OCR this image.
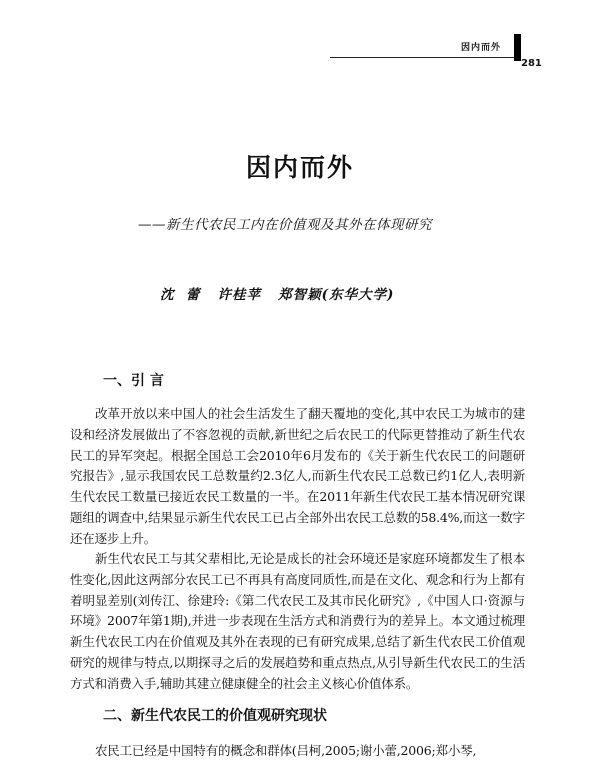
因内而外
281
因内而外
——新生代农民工内在价值观及其外在体现研究
沈  蕾   许桂苹   郑智颖(东华大学)
一、引 言

改革开放以来中国人的社会生活发生了翻天覆地的变化,其中农民工为城市的建设和经济发展做出了不容忽视的贡献,新世纪之后农民工的代际更替推动了新生代农民工的异军突起。根据全国总工会2010年6月发布的《关于新生代农民工的问题研究报告》,显示我国农民工总数量约2.3亿人,而新生代农民工总数已约1亿人,表明新生代农民工数量已接近农民工数量的一半。在2011年新生代农民工基本情况研究课题组的调查中,结果显示新生代农民工已占全部外出农民工总数的58.4%,而这一数字还在逐步上升。

新生代农民工与其父辈相比,无论是成长的社会环境还是家庭环境都发生了根本性变化,因此这两部分农民工已不再具有高度同质性,而是在文化、观念和行为上都有着明显差别(刘传江、徐建玲:《第二代农民工及其市民化研究》,《中国人口·资源与环境》2007年第1期),并进一步表现在生活方式和消费行为的差异上。本文通过梳理新生代农民工内在价值观及其外在表现的已有研究成果,总结了新生代农民工价值观研究的规律与特点,以期探寻之后的发展趋势和重点热点,从引导新生代农民工的生活方式和消费入手,辅助其建立健康健全的社会主义核心价值体系。

二、新生代农民工的价值观研究现状

农民工已经是中国特有的概念和群体(吕柯,2005;谢小蕾,2006;郑小琴,
